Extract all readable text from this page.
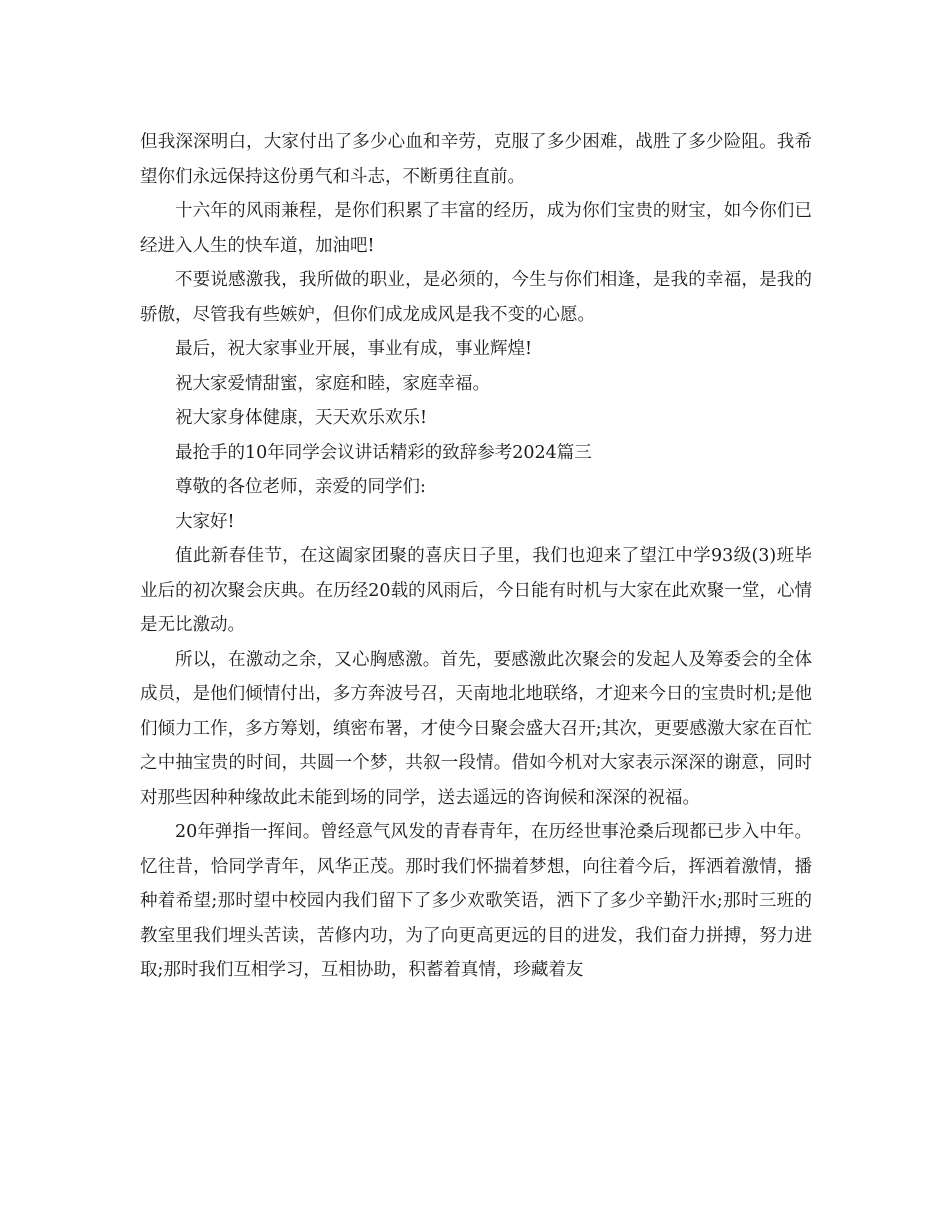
但我深深明白，大家付出了多少心血和辛劳，克服了多少困难，战胜了多少险阻。我希望你们永远保持这份勇气和斗志，不断勇往直前。

十六年的风雨兼程，是你们积累了丰富的经历，成为你们宝贵的财宝，如今你们已经进入人生的快车道，加油吧!

不要说感激我，我所做的职业，是必须的，今生与你们相逢，是我的幸福，是我的骄傲，尽管我有些嫉妒，但你们成龙成风是我不变的心愿。

最后，祝大家事业开展，事业有成，事业辉煌!

祝大家爱情甜蜜，家庭和睦，家庭幸福。

祝大家身体健康，天天欢乐欢乐!

最抢手的10年同学会议讲话精彩的致辞参考2024篇三

尊敬的各位老师，亲爱的同学们:

大家好!

值此新春佳节，在这阖家团聚的喜庆日子里，我们也迎来了望江中学93级(3)班毕业后的初次聚会庆典。在历经20载的风雨后，今日能有时机与大家在此欢聚一堂，心情是无比激动。

所以，在激动之余，又心胸感激。首先，要感激此次聚会的发起人及筹委会的全体成员，是他们倾情付出，多方奔波号召，天南地北地联络，才迎来今日的宝贵时机;是他们倾力工作，多方筹划，缜密布署，才使今日聚会盛大召开;其次，更要感激大家在百忙之中抽宝贵的时间，共圆一个梦，共叙一段情。借如今机对大家表示深深的谢意，同时对那些因种种缘故此未能到场的同学，送去遥远的咨询候和深深的祝福。

20年弹指一挥间。曾经意气风发的青春青年，在历经世事沧桑后现都已步入中年。忆往昔，恰同学青年，风华正茂。那时我们怀揣着梦想，向往着今后，挥洒着激情，播种着希望;那时望中校园内我们留下了多少欢歌笑语，洒下了多少辛勤汗水;那时三班的教室里我们埋头苦读，苦修内功，为了向更高更远的目的进发，我们奋力拼搏，努力进取;那时我们互相学习，互相协助，积蓄着真情，珍藏着友
